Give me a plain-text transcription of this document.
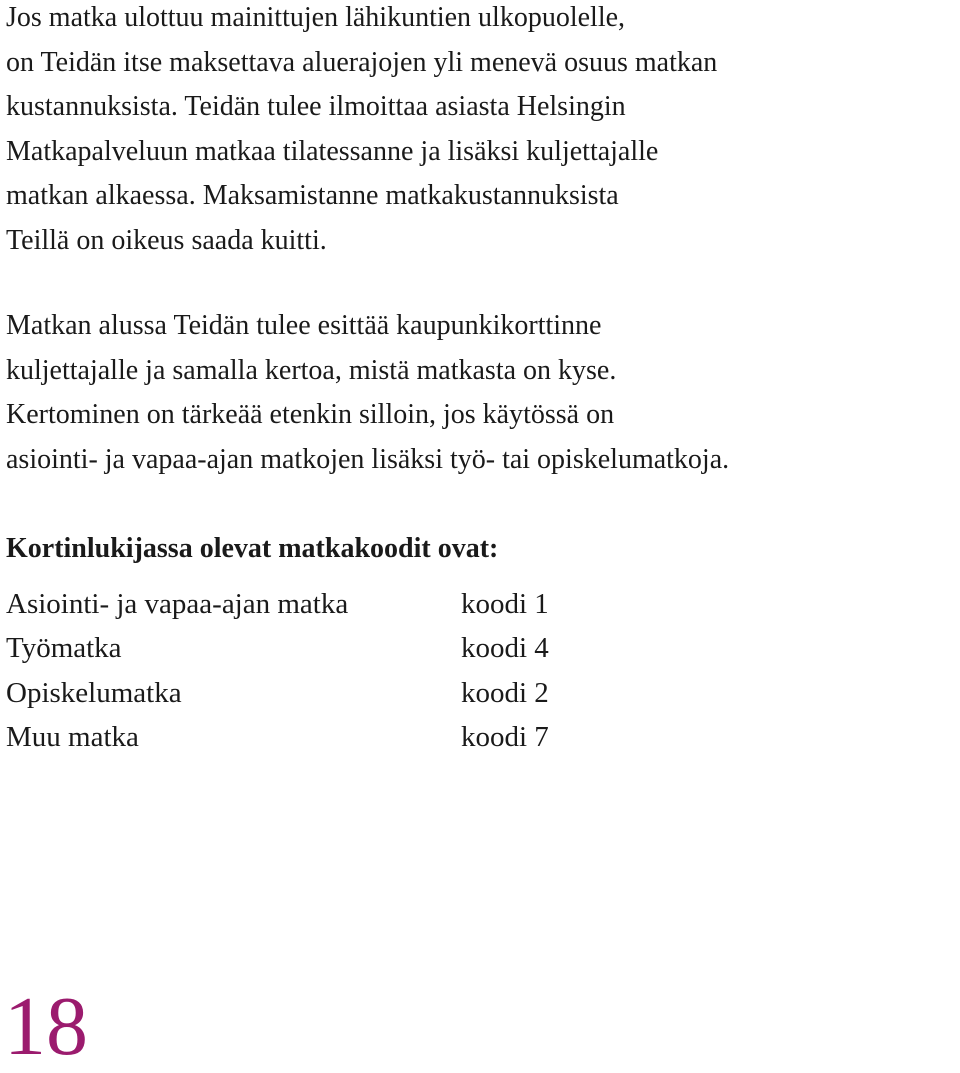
Jos matka ulottuu mainittujen lähikuntien ulkopuolelle,
on Teidän itse maksettava aluerajojen yli menevä osuus matkan
kustannuksista. Teidän tulee ilmoittaa asiasta Helsingin
Matkapalveluun matkaa tilatessanne ja lisäksi kuljettajalle
matkan alkaessa. Maksamistanne matkakustannuksista
Teillä on oikeus saada kuitti.

Matkan alussa Teidän tulee esittää kaupunkikorttinne
kuljettajalle ja samalla kertoa, mistä matkasta on kyse.
Kertominen on tärkeää etenkin silloin, jos käytössä on
asiointi- ja vapaa-ajan matkojen lisäksi työ- tai opiskelumatkoja.

Kortinlukijassa olevat matkakoodit ovat:
Asiointi- ja vapaa-ajan matka	koodi 1
Työmatka	koodi 4
Opiskelumatka	koodi 2
Muu matka	koodi 7
18
